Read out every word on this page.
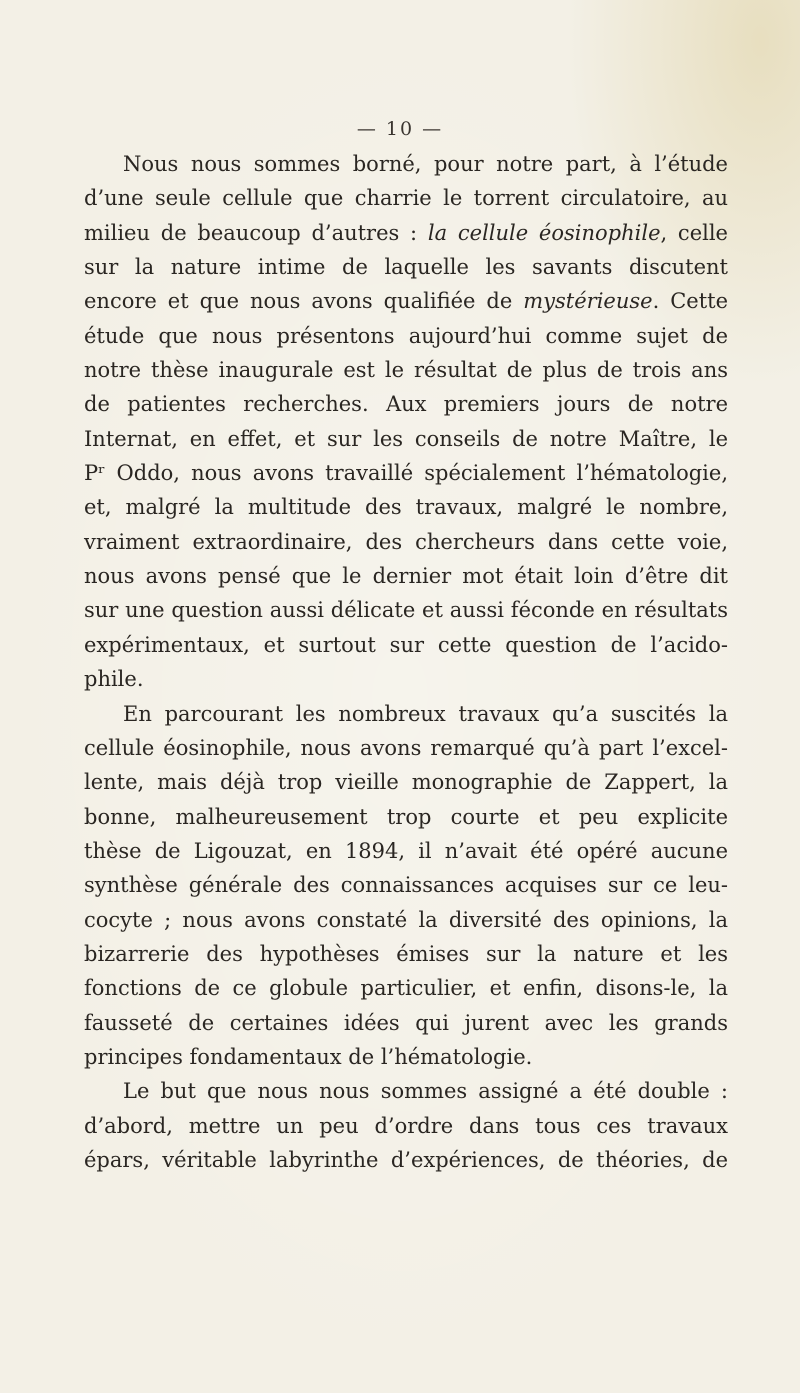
— 10 —
Nous nous sommes borné, pour notre part, à l’étude
d’une seule cellule que charrie le torrent circulatoire, au
milieu de beaucoup d’autres : la cellule éosinophile, celle
sur la nature intime de laquelle les savants discutent
encore et que nous avons qualifiée de mystérieuse. Cette
étude que nous présentons aujourd’hui comme sujet de
notre thèse inaugurale est le résultat de plus de trois ans
de patientes recherches. Aux premiers jours de notre
Internat, en effet, et sur les conseils de notre Maître, le
Pʳ Oddo, nous avons travaillé spécialement l’hématologie,
et, malgré la multitude des travaux, malgré le nombre,
vraiment extraordinaire, des chercheurs dans cette voie,
nous avons pensé que le dernier mot était loin d’être dit
sur une question aussi délicate et aussi féconde en résultats
expérimentaux, et surtout sur cette question de l’acido-
phile.
En parcourant les nombreux travaux qu’a suscités la
cellule éosinophile, nous avons remarqué qu’à part l’excel-
lente, mais déjà trop vieille monographie de Zappert, la
bonne, malheureusement trop courte et peu explicite
thèse de Ligouzat, en 1894, il n’avait été opéré aucune
synthèse générale des connaissances acquises sur ce leu-
cocyte ; nous avons constaté la diversité des opinions, la
bizarrerie des hypothèses émises sur la nature et les
fonctions de ce globule particulier, et enfin, disons-le, la
fausseté de certaines idées qui jurent avec les grands
principes fondamentaux de l’hématologie.
Le but que nous nous sommes assigné a été double :
d’abord, mettre un peu d’ordre dans tous ces travaux
épars, véritable labyrinthe d’expériences, de théories, de
